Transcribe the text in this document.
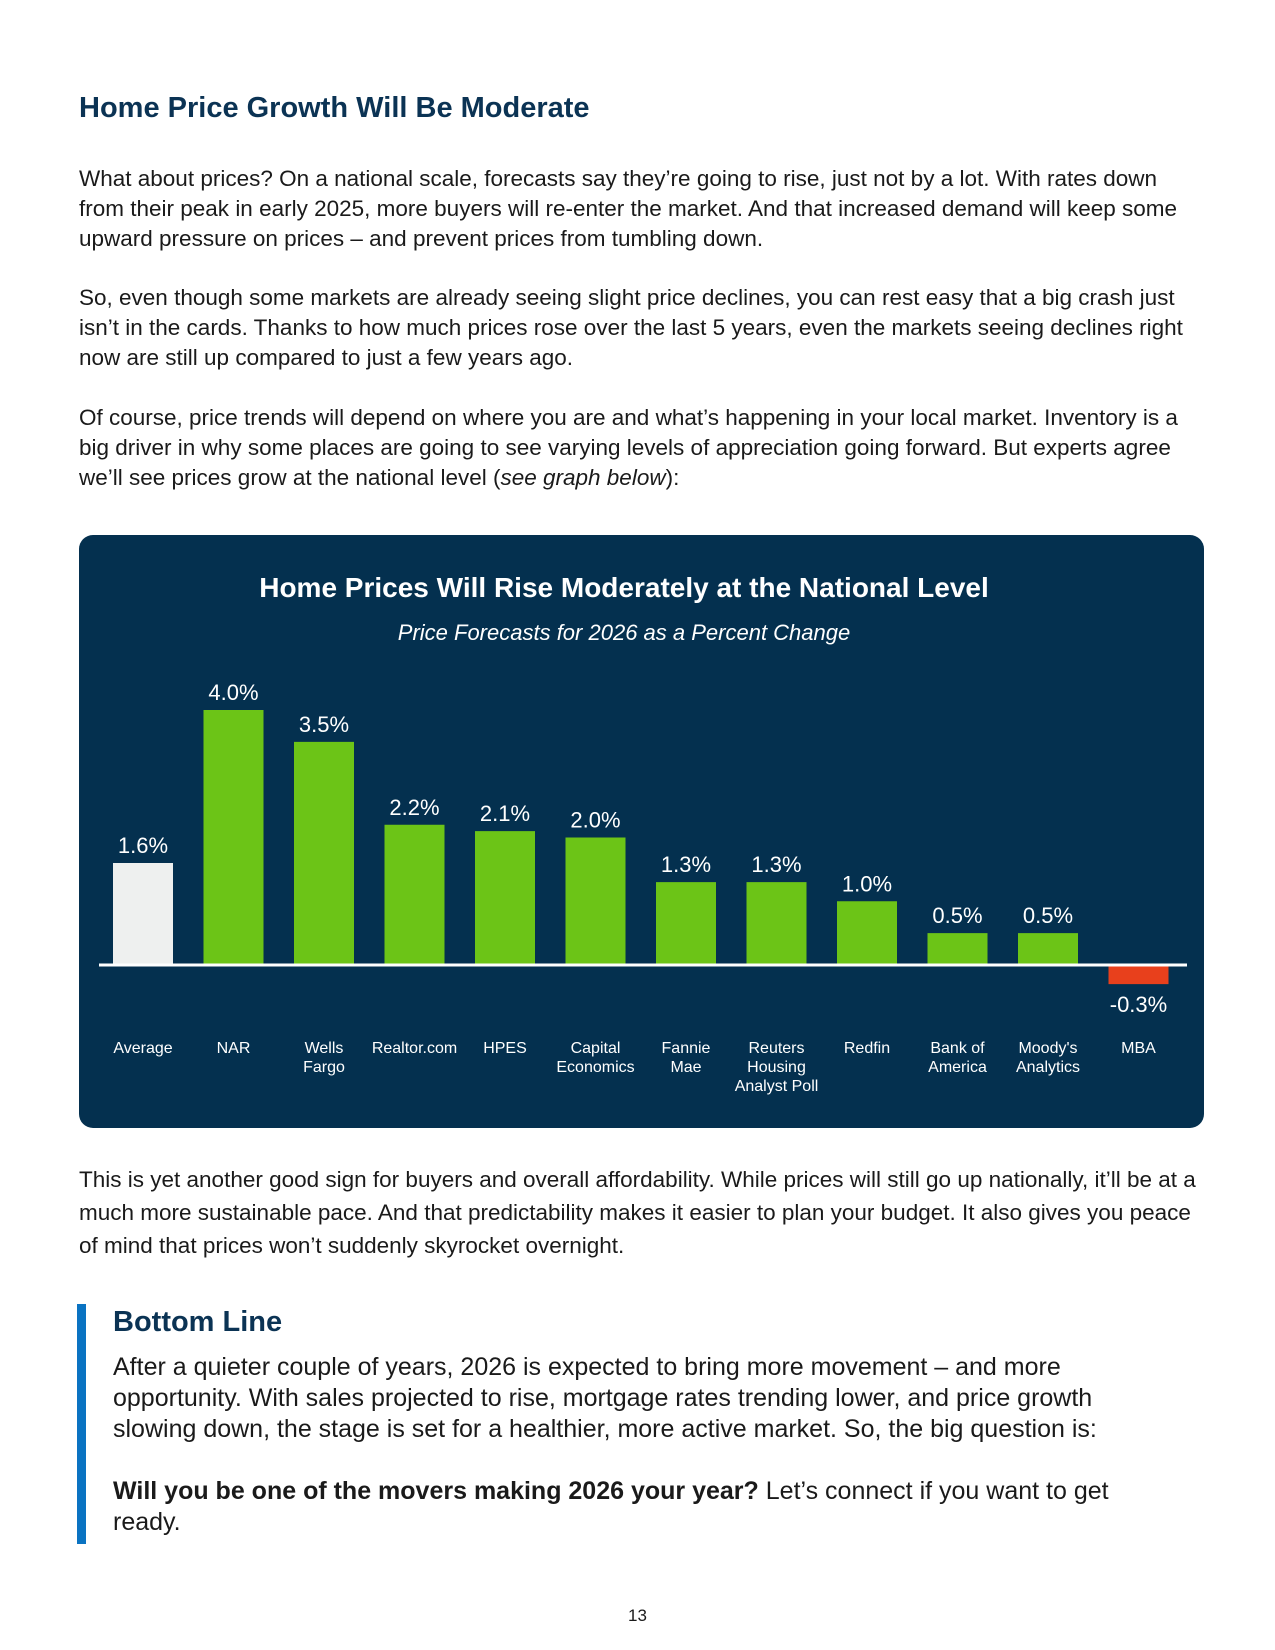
Home Price Growth Will Be Moderate

What about prices? On a national scale, forecasts say they’re going to rise, just not by a lot. With rates down from their peak in early 2025, more buyers will re-enter the market. And that increased demand will keep some upward pressure on prices – and prevent prices from tumbling down.

So, even though some markets are already seeing slight price declines, you can rest easy that a big crash just isn’t in the cards. Thanks to how much prices rose over the last 5 years, even the markets seeing declines right now are still up compared to just a few years ago.

Of course, price trends will depend on where you are and what’s happening in your local market. Inventory is a big driver in why some places are going to see varying levels of appreciation going forward. But experts agree we’ll see prices grow at the national level (see graph below):

Home Prices Will Rise Moderately at the National Level
Price Forecasts for 2026 as a Percent Change
1.6%
Average
4.0%
NAR
3.5%
Wells Fargo
2.2%
Realtor.com
2.1%
HPES
2.0%
Capital Economics
1.3%
Fannie Mae
1.3%
Reuters Housing Analyst Poll
1.0%
Redfin
0.5%
Bank of America
0.5%
Moody's Analytics
-0.3%
MBA

This is yet another good sign for buyers and overall affordability. While prices will still go up nationally, it’ll be at a much more sustainable pace. And that predictability makes it easier to plan your budget. It also gives you peace of mind that prices won’t suddenly skyrocket overnight.

Bottom Line

After a quieter couple of years, 2026 is expected to bring more movement – and more opportunity. With sales projected to rise, mortgage rates trending lower, and price growth slowing down, the stage is set for a healthier, more active market. So, the big question is:

Will you be one of the movers making 2026 your year? Let’s connect if you want to get ready.

13
